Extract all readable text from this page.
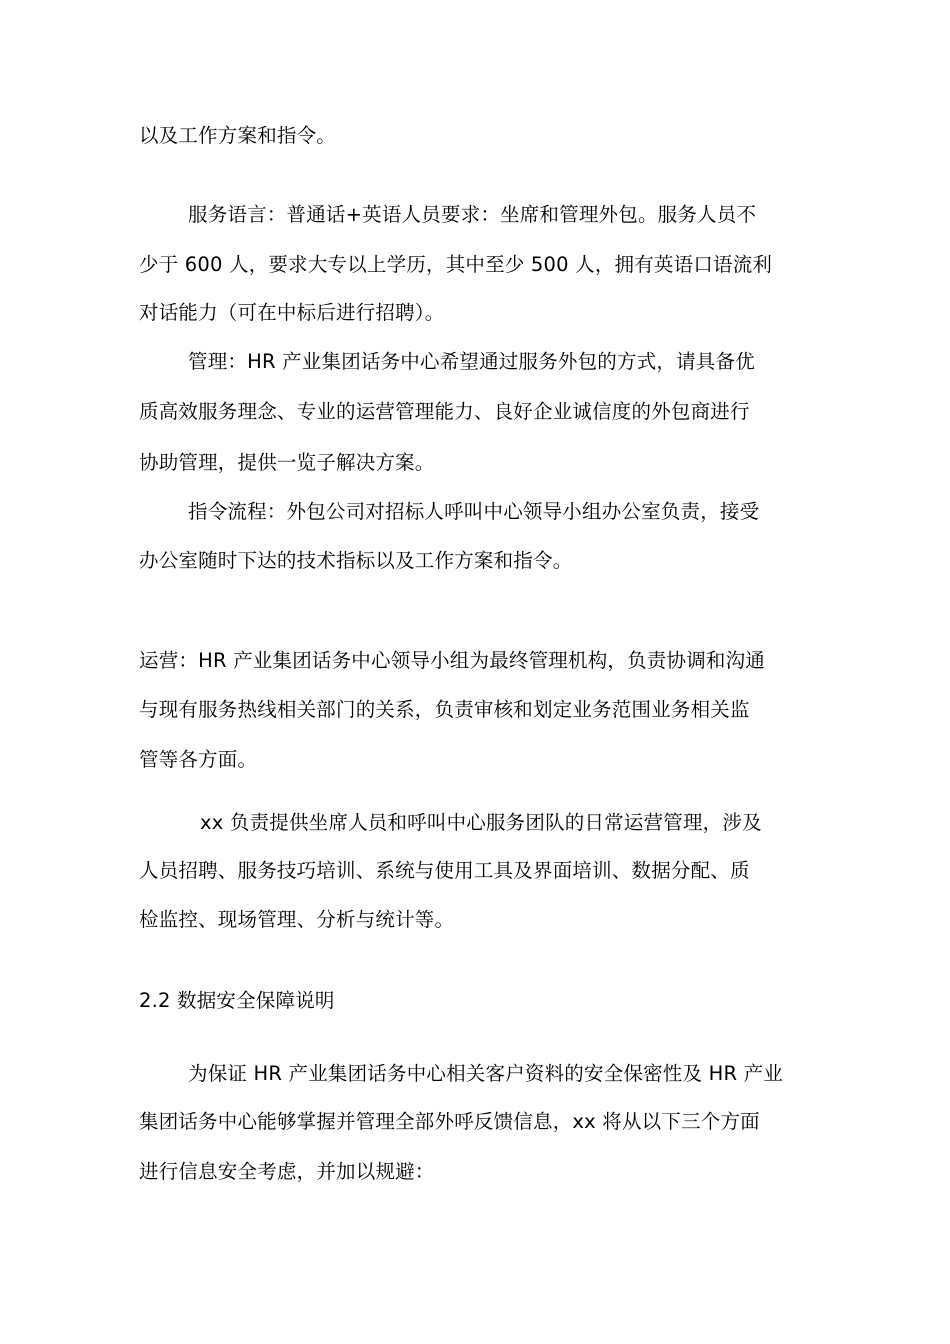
以及工作方案和指令。
服务语言：普通话+英语人员要求：坐席和管理外包。服务人员不
少于 600 人，要求大专以上学历，其中至少 500 人，拥有英语口语流利
对话能力（可在中标后进行招聘）。
管理：HR 产业集团话务中心希望通过服务外包的方式，请具备优
质高效服务理念、专业的运营管理能力、良好企业诚信度的外包商进行
协助管理，提供一览子解决方案。
指令流程：外包公司对招标人呼叫中心领导小组办公室负责，接受
办公室随时下达的技术指标以及工作方案和指令。
运营：HR 产业集团话务中心领导小组为最终管理机构，负责协调和沟通
与现有服务热线相关部门的关系，负责审核和划定业务范围业务相关监
管等各方面。
xx 负责提供坐席人员和呼叫中心服务团队的日常运营管理，涉及
人员招聘、服务技巧培训、系统与使用工具及界面培训、数据分配、质
检监控、现场管理、分析与统计等。
2.2 数据安全保障说明
为保证 HR 产业集团话务中心相关客户资料的安全保密性及 HR 产业
集团话务中心能够掌握并管理全部外呼反馈信息，xx 将从以下三个方面
进行信息安全考虑，并加以规避：
